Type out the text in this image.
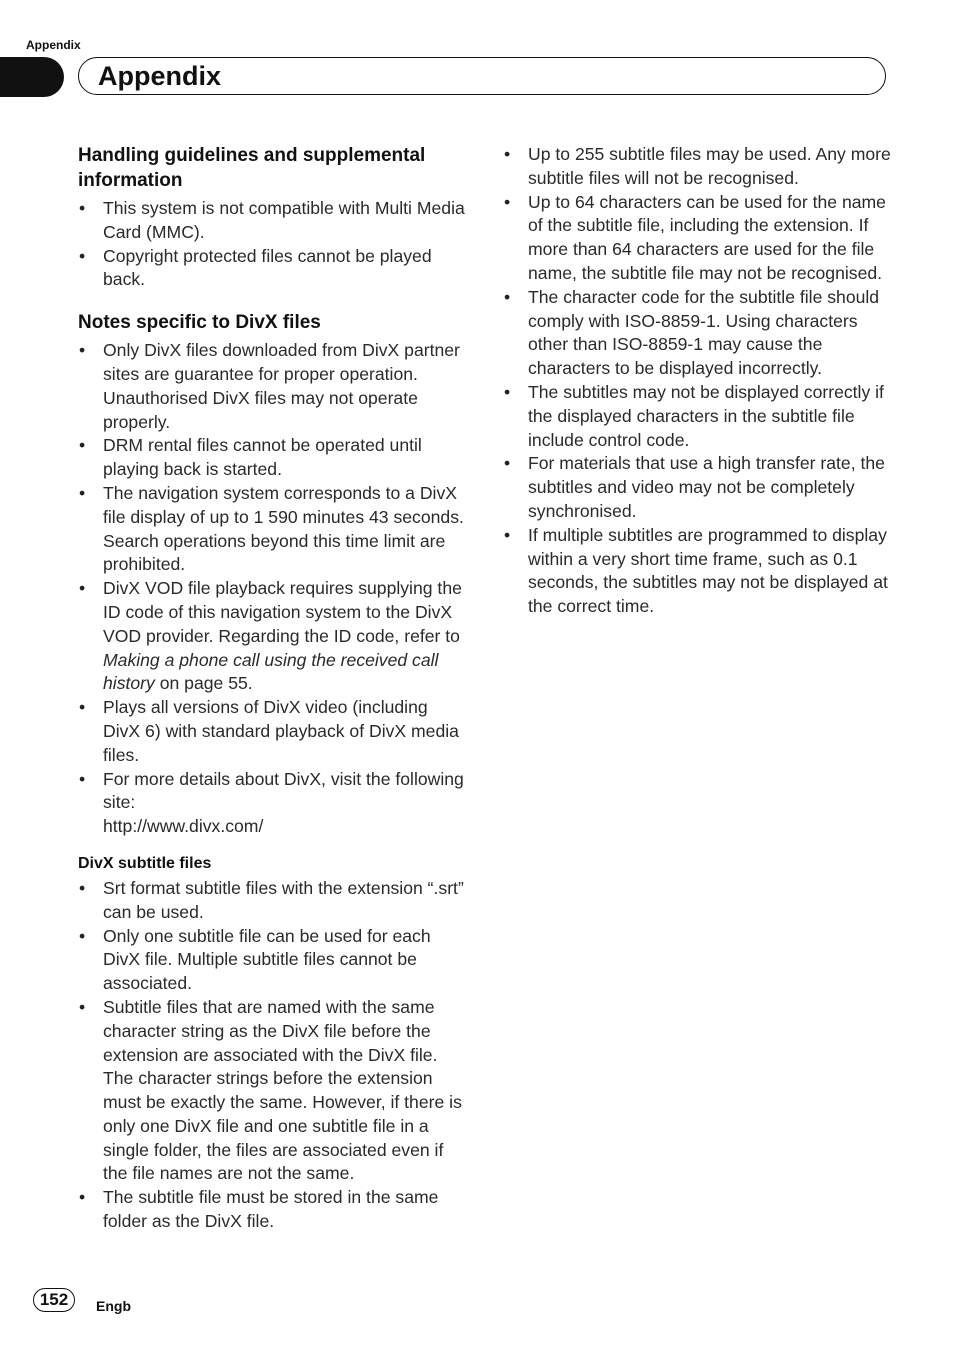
Appendix
Appendix
Handling guidelines and supplemental information
• This system is not compatible with Multi Media Card (MMC).
• Copyright protected files cannot be played back.
Notes specific to DivX files
• Only DivX files downloaded from DivX partner sites are guarantee for proper operation. Unauthorised DivX files may not operate properly.
• DRM rental files cannot be operated until playing back is started.
• The navigation system corresponds to a DivX file display of up to 1 590 minutes 43 seconds. Search operations beyond this time limit are prohibited.
• DivX VOD file playback requires supplying the ID code of this navigation system to the DivX VOD provider. Regarding the ID code, refer to Making a phone call using the received call history on page 55.
• Plays all versions of DivX video (including DivX 6) with standard playback of DivX media files.
• For more details about DivX, visit the following site:
http://www.divx.com/
DivX subtitle files
• Srt format subtitle files with the extension “.srt” can be used.
• Only one subtitle file can be used for each DivX file. Multiple subtitle files cannot be associated.
• Subtitle files that are named with the same character string as the DivX file before the extension are associated with the DivX file. The character strings before the extension must be exactly the same. However, if there is only one DivX file and one subtitle file in a single folder, the files are associated even if the file names are not the same.
• The subtitle file must be stored in the same folder as the DivX file.
• Up to 255 subtitle files may be used. Any more subtitle files will not be recognised.
• Up to 64 characters can be used for the name of the subtitle file, including the extension. If more than 64 characters are used for the file name, the subtitle file may not be recognised.
• The character code for the subtitle file should comply with ISO-8859-1. Using characters other than ISO-8859-1 may cause the characters to be displayed incorrectly.
• The subtitles may not be displayed correctly if the displayed characters in the subtitle file include control code.
• For materials that use a high transfer rate, the subtitles and video may not be completely synchronised.
• If multiple subtitles are programmed to display within a very short time frame, such as 0.1 seconds, the subtitles may not be displayed at the correct time.
152	Engb
